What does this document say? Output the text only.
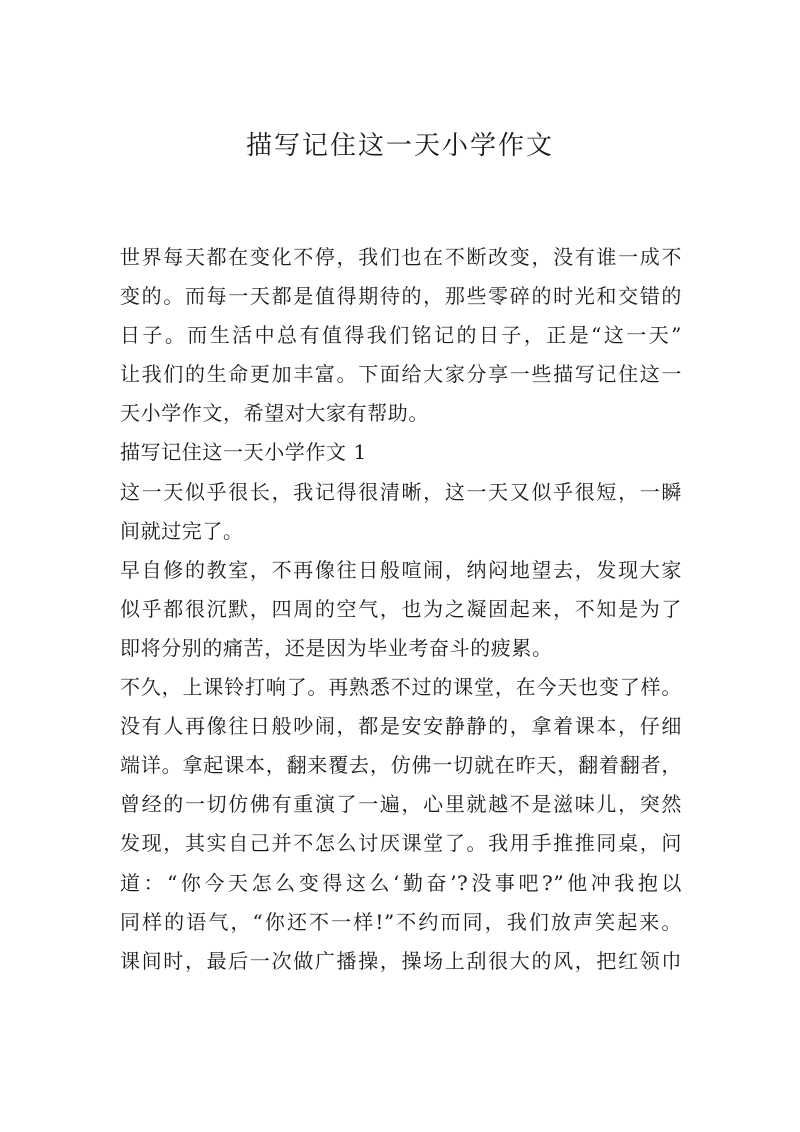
描写记住这一天小学作文
世界每天都在变化不停，我们也在不断改变，没有谁一成不
变的。而每一天都是值得期待的，那些零碎的时光和交错的
日子。而生活中总有值得我们铭记的日子，正是“这一天”
让我们的生命更加丰富。下面给大家分享一些描写记住这一
天小学作文，希望对大家有帮助。
描写记住这一天小学作文 1
这一天似乎很长，我记得很清晰，这一天又似乎很短，一瞬
间就过完了。
早自修的教室，不再像往日般喧闹，纳闷地望去，发现大家
似乎都很沉默，四周的空气，也为之凝固起来，不知是为了
即将分别的痛苦，还是因为毕业考奋斗的疲累。
不久，上课铃打响了。再熟悉不过的课堂，在今天也变了样。
没有人再像往日般吵闹，都是安安静静的，拿着课本，仔细
端详。拿起课本，翻来覆去，仿佛一切就在昨天，翻着翻者，
曾经的一切仿佛有重演了一遍，心里就越不是滋味儿，突然
发现，其实自己并不怎么讨厌课堂了。我用手推推同桌，问
道：“你今天怎么变得这么‘勤奋’?没事吧?”他冲我抱以
同样的语气，“你还不一样!”不约而同，我们放声笑起来。
课间时，最后一次做广播操，操场上刮很大的风，把红领巾
